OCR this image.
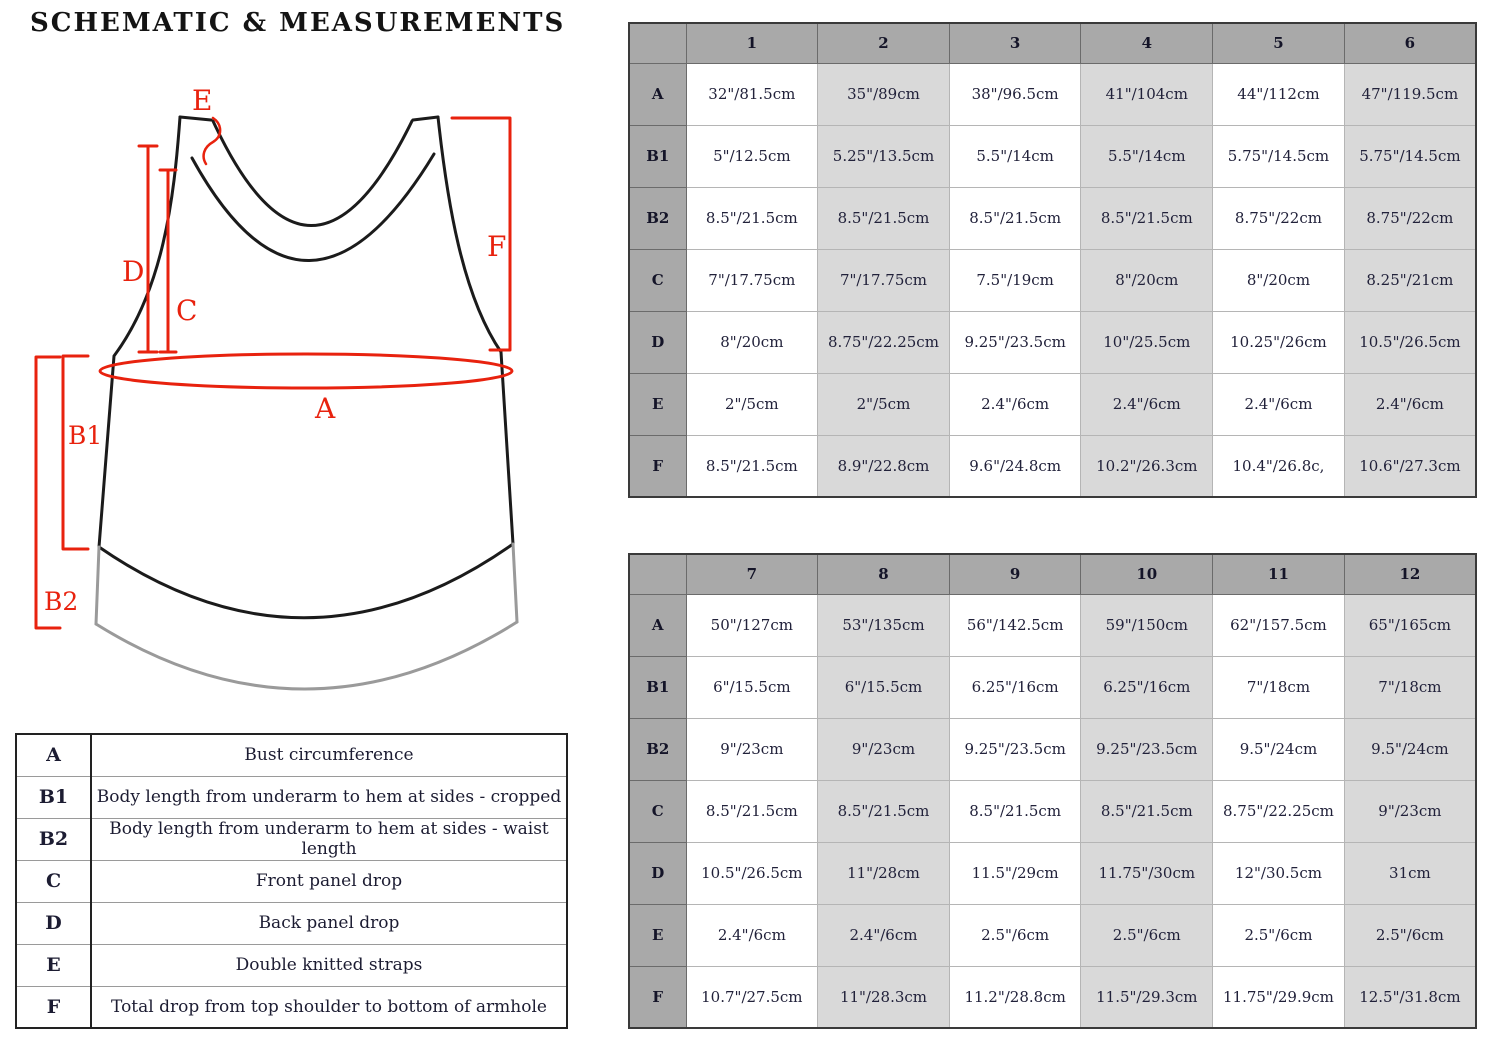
SCHEMATIC & MEASUREMENTS
A
B1
B2
C
D
E
F
A	Bust circumference
B1	Body length from underarm to hem at sides - cropped
B2	Body length from underarm to hem at sides - waist length
C	Front panel drop
D	Back panel drop
E	Double knitted straps
F	Total drop from top shoulder to bottom of armhole
	1	2	3	4	5	6
A	32"/81.5cm	35"/89cm	38"/96.5cm	41"/104cm	44"/112cm	47"/119.5cm
B1	5"/12.5cm	5.25"/13.5cm	5.5"/14cm	5.5"/14cm	5.75"/14.5cm	5.75"/14.5cm
B2	8.5"/21.5cm	8.5"/21.5cm	8.5"/21.5cm	8.5"/21.5cm	8.75"/22cm	8.75"/22cm
C	7"/17.75cm	7"/17.75cm	7.5"/19cm	8"/20cm	8"/20cm	8.25"/21cm
D	8"/20cm	8.75"/22.25cm	9.25"/23.5cm	10"/25.5cm	10.25"/26cm	10.5"/26.5cm
E	2"/5cm	2"/5cm	2.4"/6cm	2.4"/6cm	2.4"/6cm	2.4"/6cm
F	8.5"/21.5cm	8.9"/22.8cm	9.6"/24.8cm	10.2"/26.3cm	10.4"/26.8c,	10.6"/27.3cm
	7	8	9	10	11	12
A	50"/127cm	53"/135cm	56"/142.5cm	59"/150cm	62"/157.5cm	65"/165cm
B1	6"/15.5cm	6"/15.5cm	6.25"/16cm	6.25"/16cm	7"/18cm	7"/18cm
B2	9"/23cm	9"/23cm	9.25"/23.5cm	9.25"/23.5cm	9.5"/24cm	9.5"/24cm
C	8.5"/21.5cm	8.5"/21.5cm	8.5"/21.5cm	8.5"/21.5cm	8.75"/22.25cm	9"/23cm
D	10.5"/26.5cm	11"/28cm	11.5"/29cm	11.75"/30cm	12"/30.5cm	31cm
E	2.4"/6cm	2.4"/6cm	2.5"/6cm	2.5"/6cm	2.5"/6cm	2.5"/6cm
F	10.7"/27.5cm	11"/28.3cm	11.2"/28.8cm	11.5"/29.3cm	11.75"/29.9cm	12.5"/31.8cm
